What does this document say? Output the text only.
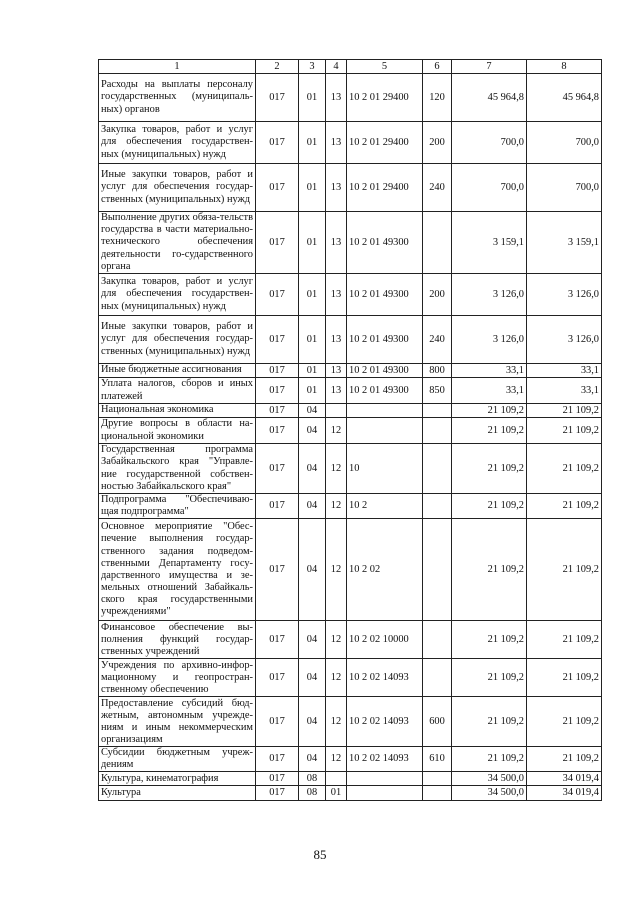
1	2	3	4	5	6	7	8
Расходы на выплаты персоналу государственных (муниципаль-ных) органов	017	01	13	10 2 01 29400	120	45 964,8	45 964,8
Закупка товаров, работ и услуг для обеспечения государствен-ных (муниципальных) нужд	017	01	13	10 2 01 29400	200	700,0	700,0
Иные закупки товаров, работ и услуг для обеспечения государ-ственных (муниципальных) нужд	017	01	13	10 2 01 29400	240	700,0	700,0
Выполнение других обяза-тельств государства в части материально-технического обеспечения деятельности го-сударственного органа	017	01	13	10 2 01 49300		3 159,1	3 159,1
Закупка товаров, работ и услуг для обеспечения государствен-ных (муниципальных) нужд	017	01	13	10 2 01 49300	200	3 126,0	3 126,0
Иные закупки товаров, работ и услуг для обеспечения государ-ственных (муниципальных) нужд	017	01	13	10 2 01 49300	240	3 126,0	3 126,0
Иные бюджетные ассигнования	017	01	13	10 2 01 49300	800	33,1	33,1
Уплата налогов, сборов и иных платежей	017	01	13	10 2 01 49300	850	33,1	33,1
Национальная экономика	017	04				21 109,2	21 109,2
Другие вопросы в области на-циональной экономики	017	04	12			21 109,2	21 109,2
Государственная программа Забайкальского края "Управле-ние государственной собствен-ностью Забайкальского края"	017	04	12	10		21 109,2	21 109,2
Подпрограмма "Обеспечиваю-щая подпрограмма"	017	04	12	10 2		21 109,2	21 109,2
Основное мероприятие "Обес-печение выполнения государ-ственного задания подведом-ственными Департаменту госу-дарственного имущества и зе-мельных отношений Забайкаль-ского края государственными учреждениями"	017	04	12	10 2 02		21 109,2	21 109,2
Финансовое обеспечение вы-полнения функций государ-ственных учреждений	017	04	12	10 2 02 10000		21 109,2	21 109,2
Учреждения по архивно-инфор-мационному и геопростран-ственному обеспечению	017	04	12	10 2 02 14093		21 109,2	21 109,2
Предоставление субсидий бюд-жетным, автономным учрежде-ниям и иным некоммерческим организациям	017	04	12	10 2 02 14093	600	21 109,2	21 109,2
Субсидии бюджетным учреж-дениям	017	04	12	10 2 02 14093	610	21 109,2	21 109,2
Культура, кинематография	017	08				34 500,0	34 019,4
Культура	017	08	01			34 500,0	34 019,4
85
